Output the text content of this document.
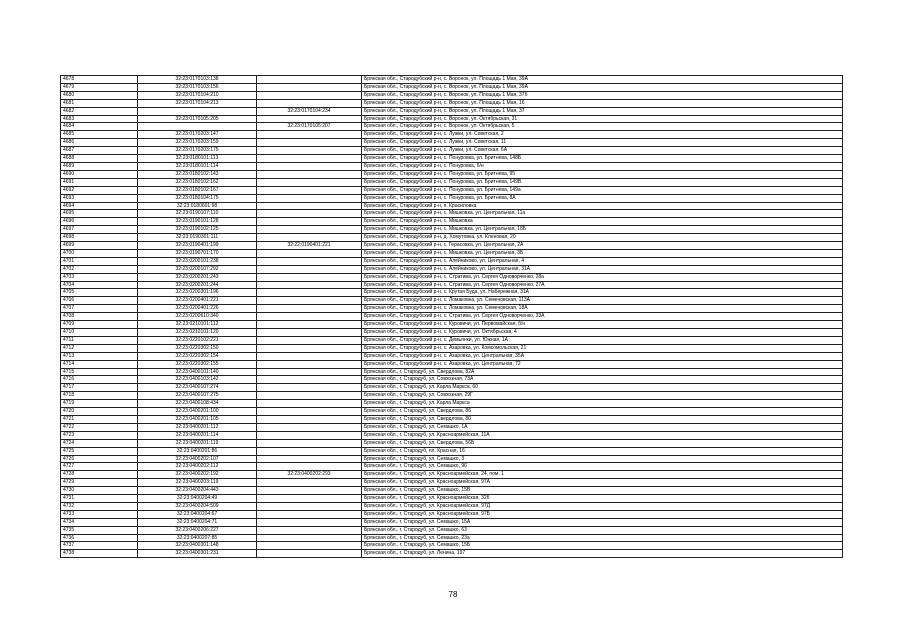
4678	32:23:0170103:138		Брянская обл., Стародубский р-н, с. Воронок, ул. Площадь 1 Мая, 39А
4679	32:23:0170103:156		Брянская обл., Стародубский р-н, с. Воронок, ул. Площадь 1 Мая, 39А
4680	32:23:0170104:210		Брянская обл., Стародубский р-н, с. Воронок, ул. Площадь 1 Мая, 37б
4681	32:23:0170104:213		Брянская обл., Стародубский р-н, с. Воронок, ул. Площадь 1 Мая, 16
4682		32:23:0170104:234	Брянская обл., Стародубский р-н, с. Воронок, ул. Площадь 1 Мая, 37
4683	32:23:0170105:205		Брянская обл., Стародубский р-н, с. Воронок, ул. Октябрьская, 31
4684		32:23:0170105:207	Брянская обл., Стародубский р-н, с. Воронок, ул. Октябрьская, 5
4685	32:23:0170203:147		Брянская обл., Стародубский р-н, с. Лужки, ул. Советская, 2
4686	32:23:0170203:159		Брянская обл., Стародубский р-н, с. Лужки, ул. Советская, 11
4687	32:23:0170203:175		Брянская обл., Стародубский р-н, с. Лужки, ул. Советская, 6А
4688	32:23:0180101:113		Брянская обл., Стародубский р-н, с. Понуровка, ул. Бритнева, 148Б
4689	32:23:0180101:114		Брянская обл., Стародубский р-н, с. Понуровка, б/н
4690	32:23:0180102:143		Брянская обл., Стародубский р-н, с. Понуровка, ул. Бритнева, 95
4691	32:23:0180102:162		Брянская обл., Стародубский р-н, с. Понуровка, ул. Бритнева, 149В
4692	32:23:0180102:167		Брянская обл., Стародубский р-н, с. Понуровка, ул. Бритнева, 149а
4693	32:23:0180104:175		Брянская обл., Стародубский р-н, с. Понуровка, ул. Бритнева, 8А
4694	32:23:0180601:98		Брянская обл., Стародубский р-н, п. Красиловка
4695	32:23:0190107:110		Брянская обл., Стародубский р-н, с. Мишковка, ул. Центральная, 11а
4696	32:23:0190101:128		Брянская обл., Стародубский р-н, с. Мишковка
4697	32:23:0190102:125		Брянская обл., Стародубский р-н, с. Мишковка, ул. Центральная, 18Б
4698	32:23:0190301:111		Брянская обл., Стародубский р-н, д. Хомутовка, ул. Кленовая, 20
4699	32:23:0190401:199	32:22:0190401:221	Брянская обл., Стародубский р-н, с. Герасовка, ул. Центральная, 2А
4700	32:23:0190701:170		Брянская обл., Стародубский р-н, с. Мишковка, ул. Центральная, 3Б
4701	32:23:0200101:238		Брянская обл., Стародубский р-н, с. Алейниково, ул. Центральная, 4
4702	32:23:0200107:292		Брянская обл., Стародубский р-н, с. Алейниково, ул. Центральная, 31А
4703	32:23:0200201:243		Брянская обл., Стародубский р-н, с. Стратива, ул. Сергея Одноворченко, 28а
4704	32:23:0200201:244		Брянская обл., Стародубский р-н, с. Стратива, ул. Сергея Одноворченко, 27А
4705	32:23:0200301:196		Брянская обл., Стародубский р-н, с. Крутая Буда, ул. Набережная, 31А
4706	32:23:0200401:221		Брянская обл., Стародубский р-н, с. Ломаковка, ул. Семеновская, 113А
4707	32:23:0200401:226		Брянская обл., Стародубский р-н, с. Ломаковка, ул. Семеновская, 18А
4708	32:23:0200610:340		Брянская обл., Стародубский р-н, с. Стратива, ул. Сергея Одноворченко, 33А
4709	32:23:0210101:112		Брянская обл., Стародубский р-н, с. Куровичи, ул. Первомайская, б/н
4710	32:23:0210101:120		Брянская обл., Стародубский р-н, с. Куровичи, ул. Октябрьская, 4
4711	32:23:0220102:221		Брянская обл., Стародубский р-н, с. Демьянки, ул. Южная, 1А
4712	32:23:0220302:150		Брянская обл., Стародубский р-н, с. Азаровка, ул. Комсомольская, 21
4713	32:23:0220302:154		Брянская обл., Стародубский р-н, с. Азаровка, ул. Центральная, 35А
4714	32:23:0220302:155		Брянская обл., Стародубский р-н, с. Азаровка, ул. Центральная, 72
4715	32:23:0400101:140		Брянская обл., г. Стародуб, ул. Свердлова, 82А
4716	32:23:0400103:142		Брянская обл., г. Стародуб, ул. Совхозная, 73А
4717	32:23:0400107:274		Брянская обл., г. Стародуб, ул. Карла Маркса, 60
4718	32:23:0400107:275		Брянская обл., г. Стародуб, ул. Совхозная, 29Г
4719	32:23:0400108:434		Брянская обл., г. Стародуб, ул. Карла Маркса
4720	32:23:0400201:100		Брянская обл., г. Стародуб, ул. Свердлова, 86
4721	32:23:0400201:105		Брянская обл., г. Стародуб, ул. Свердлова, 80
4722	32:23:0400201:112		Брянская обл., г. Стародуб, ул. Семашко, 1А
4723	32:23:0400201:114		Брянская обл., г. Стародуб, ул. Красноармейская, 11А
4724	32:23:0400201:119		Брянская обл., г. Стародуб, ул. Свердлова, 56Б
4725	32:23:0400201:86		Брянская обл., г. Стародуб, пл. Красная, 16
4726	32:23:0400202:107		Брянская обл., г. Стародуб, ул. Семашко, 3
4727	32:23:0400202:112		Брянская обл., г. Стародуб, ул. Семашко, 96
4728	32:23:0400202:192	32:23:0400202:293	Брянская обл., г. Стародуб, ул. Красноармейская, 24, пом. 1
4729	32:23:0400203:119		Брянская обл., г. Стародуб, ул. Красноармейская, 97А
4730	32:23:0400204:443		Брянская обл., г. Стародуб, ул. Семашко, 15В
4731	32:23:0400204:49		Брянская обл., г. Стародуб, ул. Красноармейская, 32б
4732	32:23:0400204:509		Брянская обл., г. Стародуб, ул. Красноармейская, 97Д
4733	32:23:0400204:67		Брянская обл., г. Стародуб, ул. Красноармейская, 97Б
4734	32:23:0400204:71		Брянская обл., г. Стародуб, ул. Семашко, 15А
4735	32:23:0400206:227		Брянская обл., г. Стародуб, ул. Семашко, 63
4736	32:23:0400207:85		Брянская обл., г. Стародуб, ул. Семашко, 23а
4737	32:23:0400301:148		Брянская обл., г. Стародуб, ул. Семашко, 15Б
4738	32:23:0400301:231		Брянская обл., г. Стародуб, ул. Ленина, 197
78
